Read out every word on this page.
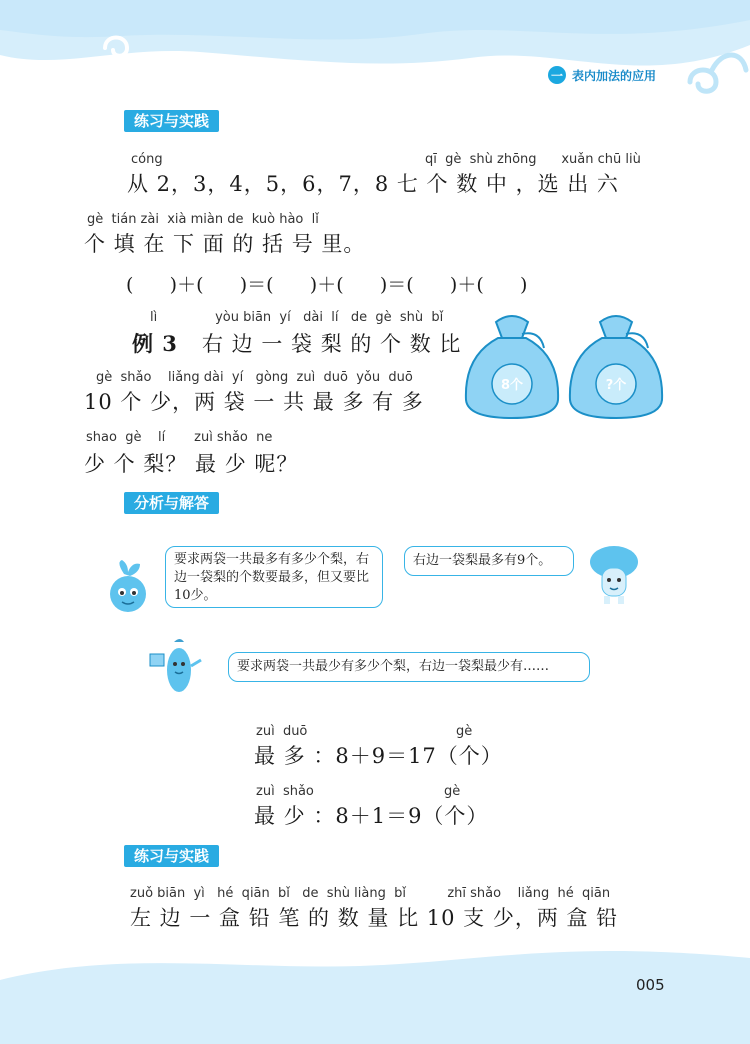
一 表内加法的应用
练习与实践
cóng	qī  gè  shù zhōng      xuǎn chū liù
从 2，3，4，5，6，7，8 七 个 数 中 ，选 出 六
gè  tián zài  xià miàn de  kuò hào  lǐ
个 填 在 下 面 的 括 号 里。
(      )＋(      )＝(      )＋(      )＝(      )＋(      )
lì              yòu biān  yí   dài  lí   de  gè  shù  bǐ
例 3 右 边 一 袋 梨 的 个 数 比
gè  shǎo    liǎng dài  yí   gòng  zuì  duō  yǒu  duō
10 个 少，两 袋 一 共 最 多 有 多
shao  gè    lí       zuì shǎo  ne
少 个 梨？ 最 少 呢？
8个	?个
分析与解答
要求两袋一共最多有多少个梨，右边一袋梨的个数要最多，但又要比10少。
右边一袋梨最多有9个。
要求两袋一共最少有多少个梨，右边一袋梨最少有……
zuì  duō	gè
最 多 ：8＋9＝17（个）
zuì  shǎo	gè
最 少 ：8＋1＝9（个）
练习与实践
zuǒ biān  yì   hé  qiān  bǐ   de  shù liàng  bǐ          zhī shǎo    liǎng  hé  qiān
左 边 一 盒 铅 笔 的 数 量 比 10 支 少，两 盒 铅
005
